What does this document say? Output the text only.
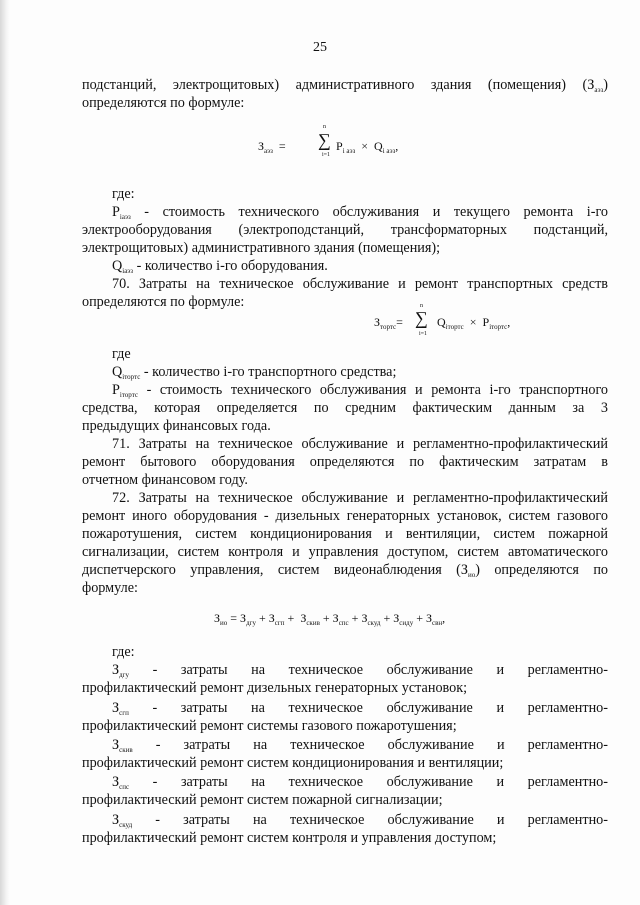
25
подстанций, электрощитовых) административного здания (помещения) $(З_{аэз})$
определяются по формуле:
$З_{аэз}$ =
n
∑
i=1
$P_{i аэз} \times Q_{i аэз}$,
где:
$P_{iаэз}$ - стоимость технического обслуживания и текущего ремонта i-го
электрооборудования (электроподстанций, трансформаторных подстанций,
электрощитовых) административного здания (помещения);
$Q_{iаэз}$ - количество i-го оборудования.
70. Затраты на техническое обслуживание и ремонт транспортных средств
определяются по формуле:
$З_{тортс}=$
n
∑
i=1
$Q_{iтортс} \times P_{iтортс}$,
где
$Q_{iтортс}$ - количество i-го транспортного средства;
$P_{iтортс}$ - стоимость технического обслуживания и ремонта i-го транспортного
средства, которая определяется по средним фактическим данным за 3
предыдущих финансовых года.
71. Затраты на техническое обслуживание и регламентно-профилактический
ремонт бытового оборудования определяются по фактическим затратам в
отчетном финансовом году.
72. Затраты на техническое обслуживание и регламентно-профилактический
ремонт иного оборудования - дизельных генераторных установок, систем газового
пожаротушения, систем кондиционирования и вентиляции, систем пожарной
сигнализации, систем контроля и управления доступом, систем автоматического
диспетчерского управления, систем видеонаблюдения $(З_{ио})$ определяются по
формуле:
$З_{ио} = З_{дгу} + З_{сгп} + З_{скив} + З_{спс} + З_{скуд} + З_{сиду} + З_{свн}$,
где:
$З_{дгу}$ - затраты на техническое обслуживание и регламентно-
профилактический ремонт дизельных генераторных установок;
$З_{сгп}$ - затраты на техническое обслуживание и регламентно-
профилактический ремонт системы газового пожаротушения;
$З_{скив}$ - затраты на техническое обслуживание и регламентно-
профилактический ремонт систем кондиционирования и вентиляции;
$З_{спс}$ - затраты на техническое обслуживание и регламентно-
профилактический ремонт систем пожарной сигнализации;
$З_{скуд}$ - затраты на техническое обслуживание и регламентно-
профилактический ремонт систем контроля и управления доступом;
